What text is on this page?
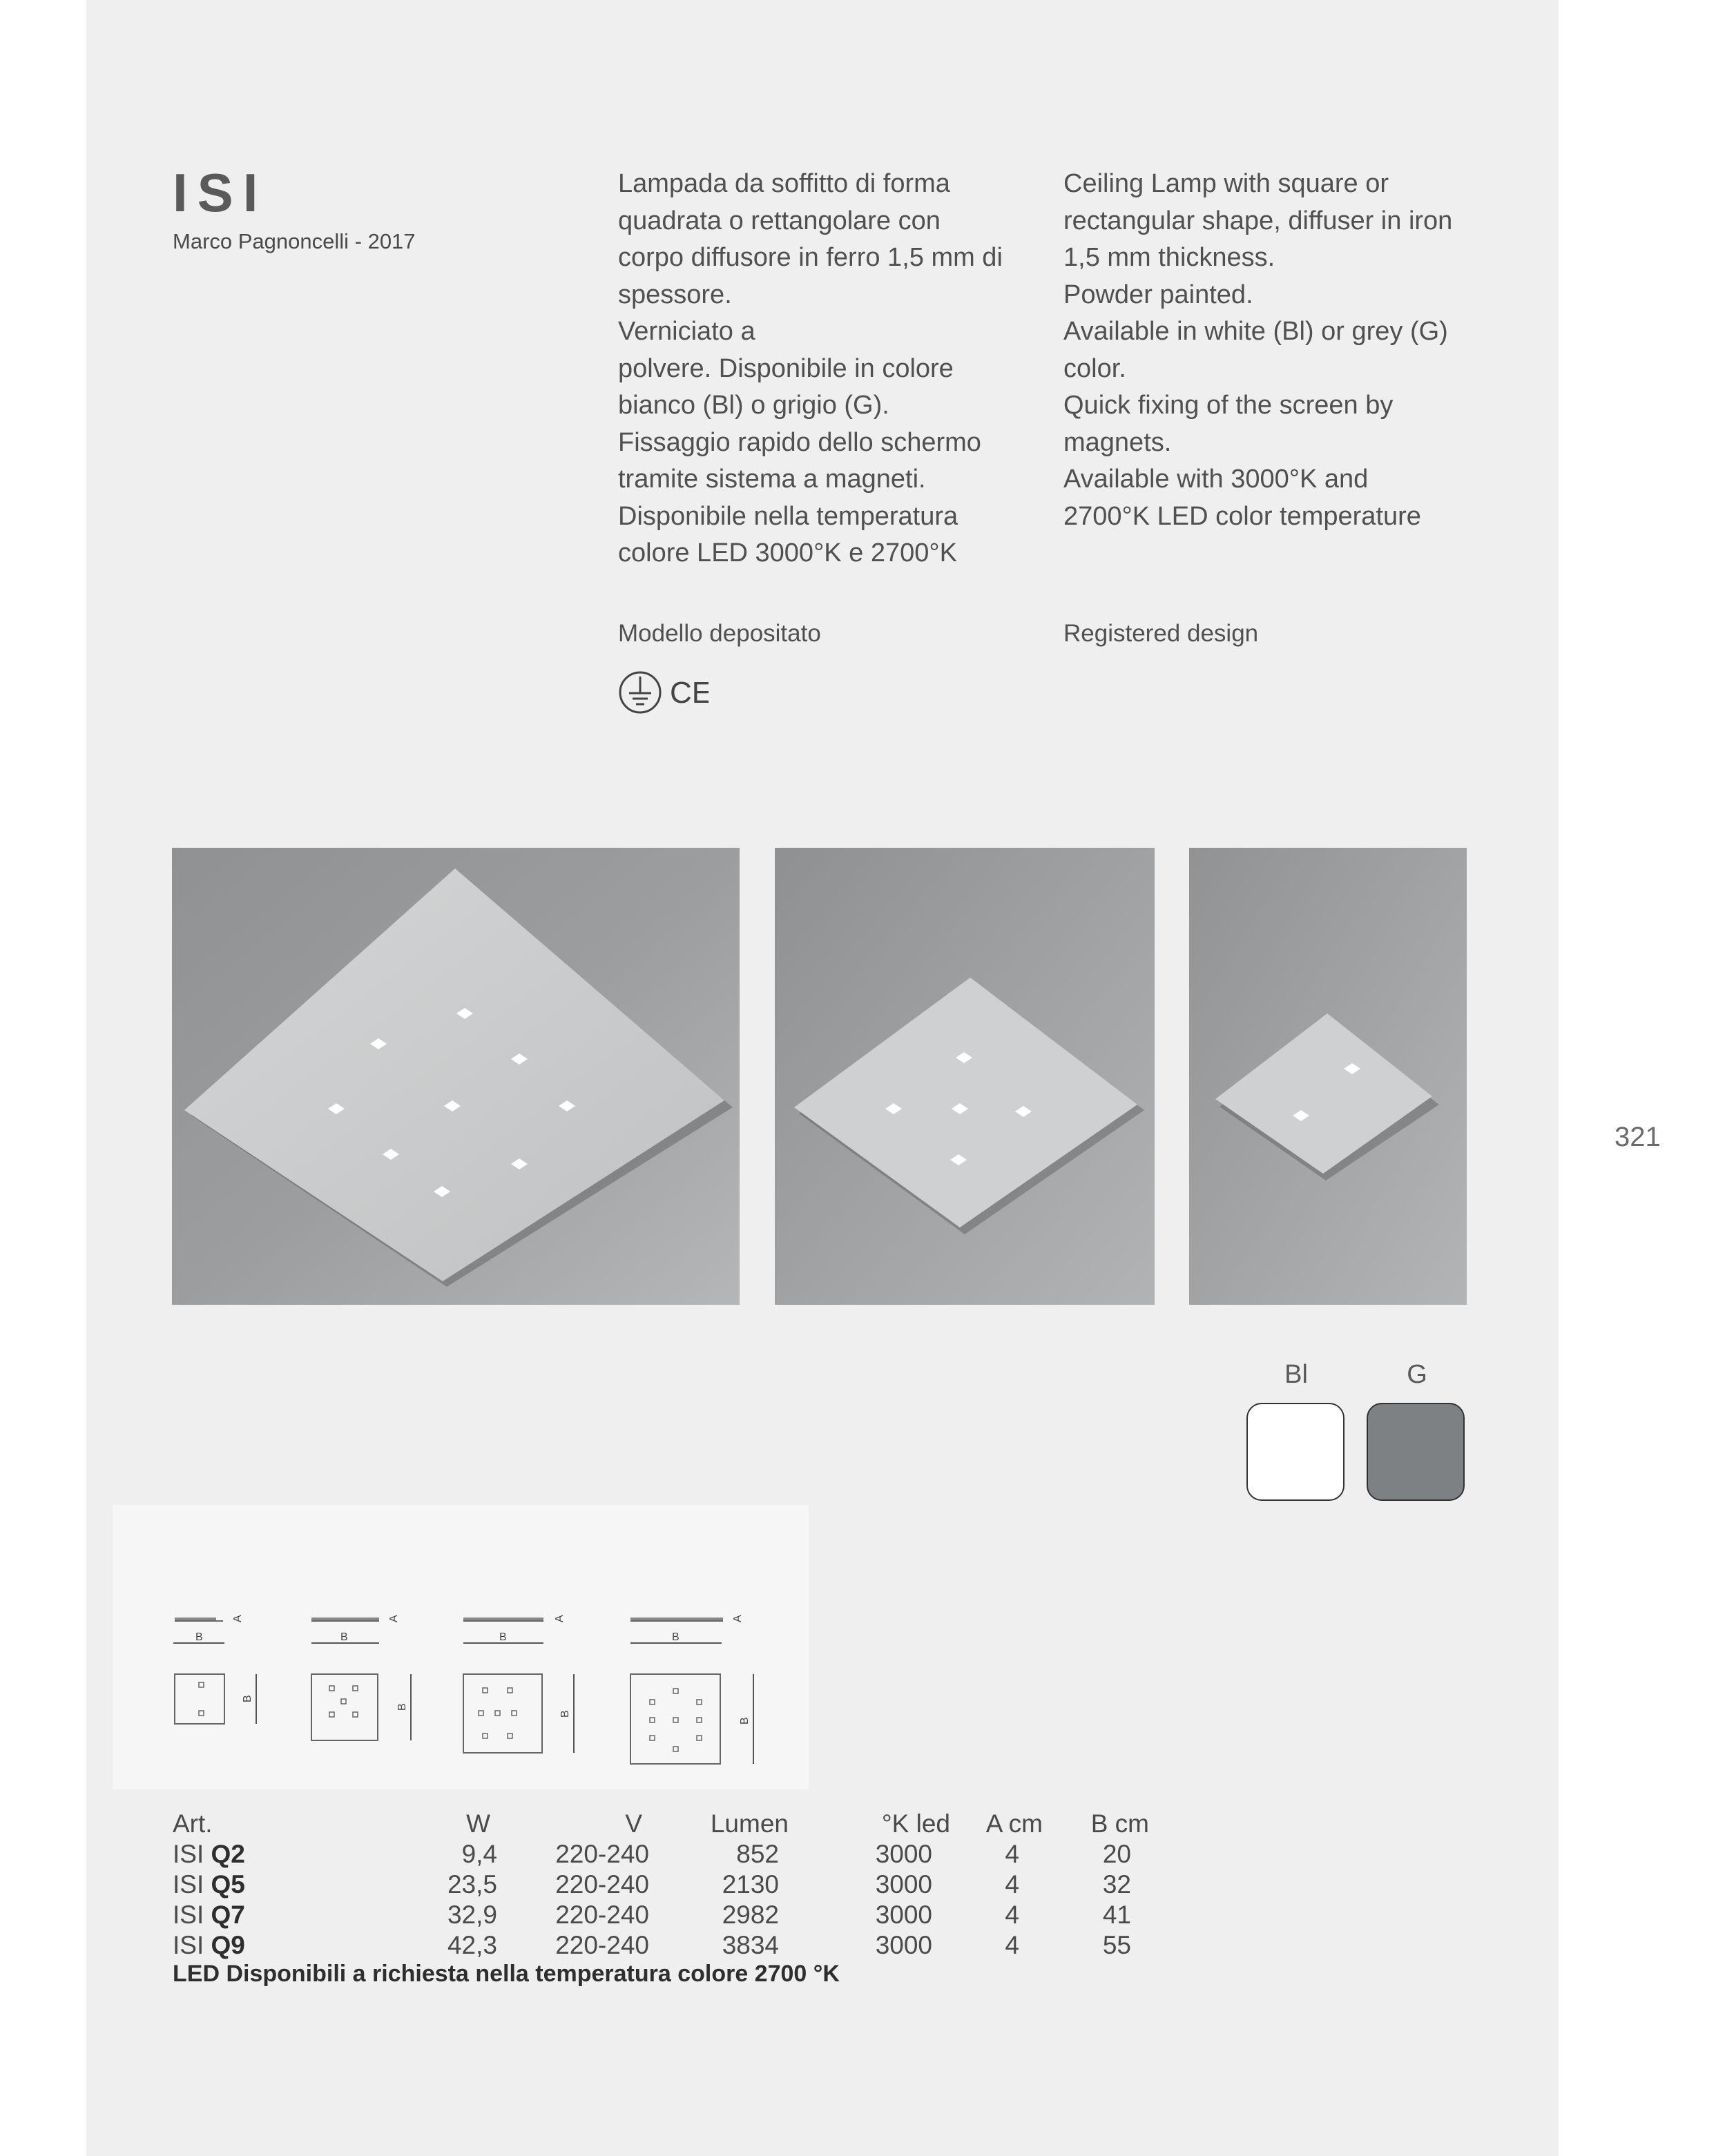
ISI
Marco Pagnoncelli - 2017
Lampada da soffitto di forma
quadrata o rettangolare con
corpo diffusore in ferro 1,5 mm di
spessore.
Verniciato a
polvere. Disponibile in colore
bianco (Bl) o grigio (G).
Fissaggio rapido dello schermo
tramite sistema a magneti.
Disponibile nella temperatura
colore LED 3000°K e 2700°K
Ceiling Lamp with square or
rectangular shape, diffuser in iron
1,5 mm thickness.
Powder painted.
Available in white (Bl) or grey (G)
color.
Quick fixing of the screen by
magnets.
Available with 3000°K and
2700°K LED color temperature
Modello depositato	Registered design
CE
321
Bl	G
A
B
B
A
B
B
A
B
B
A
B
B
Art.	W	V	Lumen	°K led	A cm	B cm
ISI Q2	9,4	220-240	852	3000	4	20
ISI Q5	23,5	220-240	2130	3000	4	32
ISI Q7	32,9	220-240	2982	3000	4	41
ISI Q9	42,3	220-240	3834	3000	4	55
LED Disponibili a richiesta nella temperatura colore 2700 °K
